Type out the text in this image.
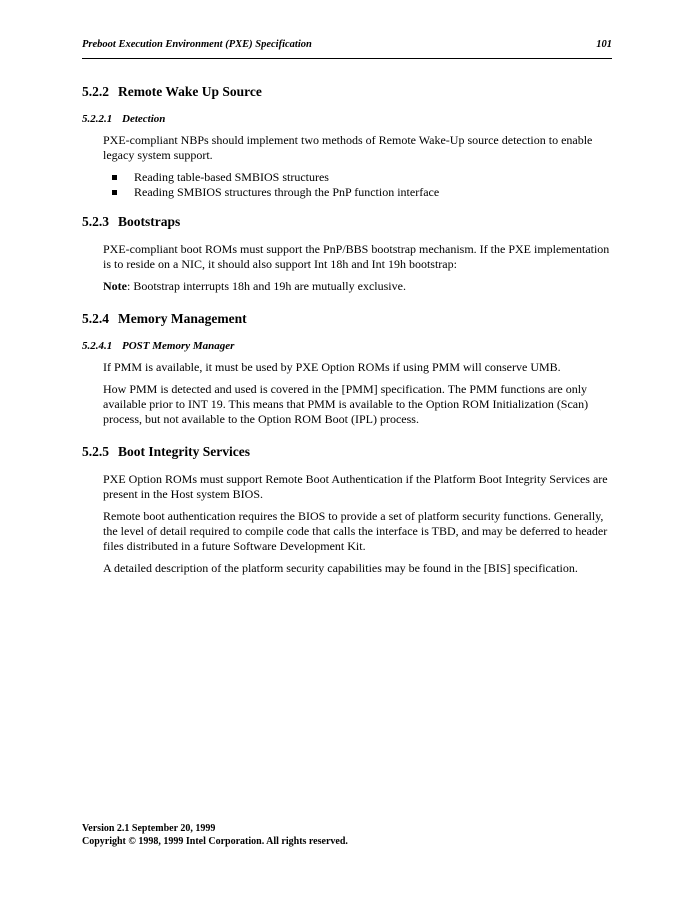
Preboot Execution Environment (PXE) Specification	101
5.2.2 Remote Wake Up Source
5.2.2.1 Detection

PXE-compliant NBPs should implement two methods of Remote Wake-Up source detection to enable legacy system support.

Reading table-based SMBIOS structures
Reading SMBIOS structures through the PnP function interface
5.2.3 Bootstraps

PXE-compliant boot ROMs must support the PnP/BBS bootstrap mechanism. If the PXE implementation is to reside on a NIC, it should also support Int 18h and Int 19h bootstrap:

Note: Bootstrap interrupts 18h and 19h are mutually exclusive.

5.2.4 Memory Management
5.2.4.1 POST Memory Manager

If PMM is available, it must be used by PXE Option ROMs if using PMM will conserve UMB.

How PMM is detected and used is covered in the [PMM] specification. The PMM functions are only available prior to INT 19. This means that PMM is available to the Option ROM Initialization (Scan) process, but not available to the Option ROM Boot (IPL) process.

5.2.5 Boot Integrity Services

PXE Option ROMs must support Remote Boot Authentication if the Platform Boot Integrity Services are present in the Host system BIOS.

Remote boot authentication requires the BIOS to provide a set of platform security functions. Generally, the level of detail required to compile code that calls the interface is TBD, and may be deferred to header files distributed in a future Software Development Kit.

A detailed description of the platform security capabilities may be found in the [BIS] specification.

Version 2.1 September 20, 1999
Copyright © 1998, 1999 Intel Corporation. All rights reserved.
